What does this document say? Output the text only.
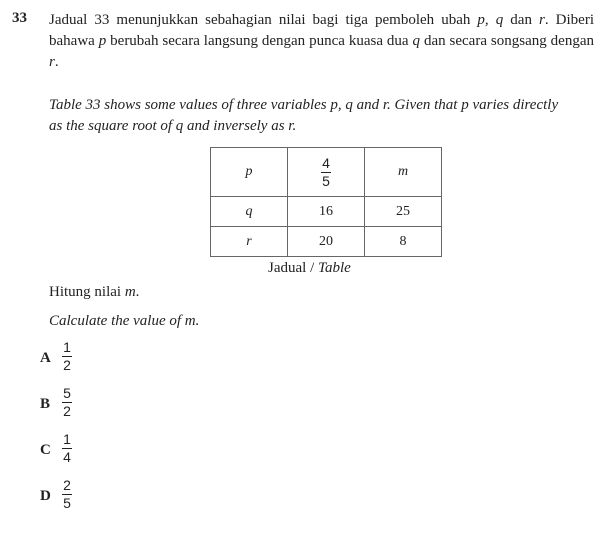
33 Jadual 33 menunjukkan sebahagian nilai bagi tiga pemboleh ubah p, q dan r. Diberi bahawa p berubah secara langsung dengan punca kuasa dua q dan secara songsang dengan r.
Table 33 shows some values of three variables p, q and r. Given that p varies directly as the square root of q and inversely as r.
p	$\frac{4}{5}$	m
q	16	25
r	20	8
Jadual / Table
Hitung nilai m.
Calculate the value of m.
A
1
2
B
5
2
C
1
4
D
2
5
